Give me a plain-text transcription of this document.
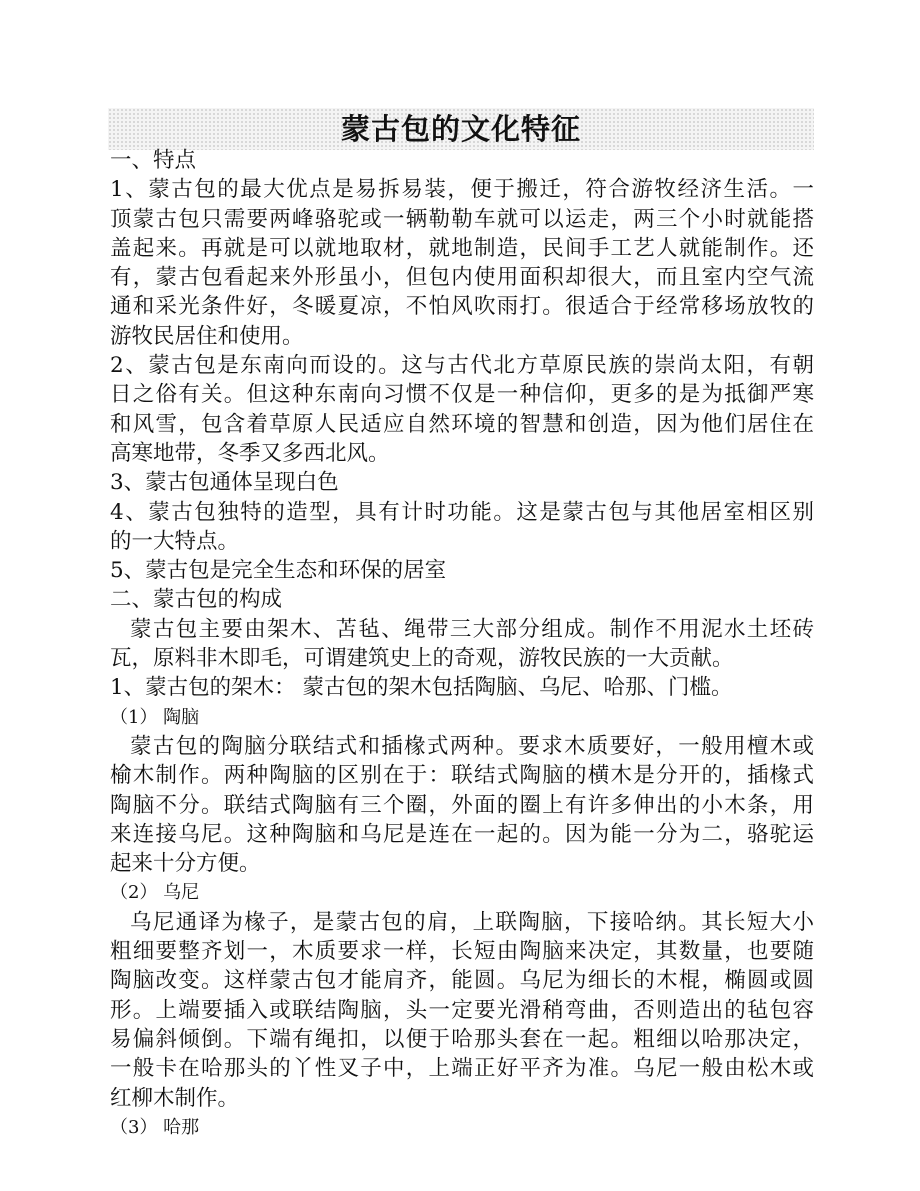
蒙古包的文化特征
一、特点
1、蒙古包的最大优点是易拆易装，便于搬迁，符合游牧经济生活。一
顶蒙古包只需要两峰骆驼或一辆勒勒车就可以运走，两三个小时就能搭
盖起来。再就是可以就地取材，就地制造，民间手工艺人就能制作。还
有，蒙古包看起来外形虽小，但包内使用面积却很大，而且室内空气流
通和采光条件好，冬暖夏凉，不怕风吹雨打。很适合于经常移场放牧的
游牧民居住和使用。
2、蒙古包是东南向而设的。这与古代北方草原民族的崇尚太阳，有朝
日之俗有关。但这种东南向习惯不仅是一种信仰，更多的是为抵御严寒
和风雪，包含着草原人民适应自然环境的智慧和创造，因为他们居住在
高寒地带，冬季又多西北风。
3、蒙古包通体呈现白色
4、蒙古包独特的造型，具有计时功能。这是蒙古包与其他居室相区别
的一大特点。
5、蒙古包是完全生态和环保的居室
二、蒙古包的构成
蒙古包主要由架木、苫毡、绳带三大部分组成。制作不用泥水土坯砖
瓦，原料非木即毛，可谓建筑史上的奇观，游牧民族的一大贡献。
1、蒙古包的架木： 蒙古包的架木包括陶脑、乌尼、哈那、门槛。
（1） 陶脑
蒙古包的陶脑分联结式和插椽式两种。要求木质要好，一般用檀木或
榆木制作。两种陶脑的区别在于：联结式陶脑的横木是分开的，插椽式
陶脑不分。联结式陶脑有三个圈，外面的圈上有许多伸出的小木条，用
来连接乌尼。这种陶脑和乌尼是连在一起的。因为能一分为二，骆驼运
起来十分方便。
（2） 乌尼
乌尼通译为椽子，是蒙古包的肩，上联陶脑，下接哈纳。其长短大小
粗细要整齐划一，木质要求一样，长短由陶脑来决定，其数量，也要随
陶脑改变。这样蒙古包才能肩齐，能圆。乌尼为细长的木棍，椭圆或圆
形。上端要插入或联结陶脑，头一定要光滑稍弯曲，否则造出的毡包容
易偏斜倾倒。下端有绳扣，以便于哈那头套在一起。粗细以哈那决定，
一般卡在哈那头的丫性叉子中，上端正好平齐为准。乌尼一般由松木或
红柳木制作。
（3） 哈那
